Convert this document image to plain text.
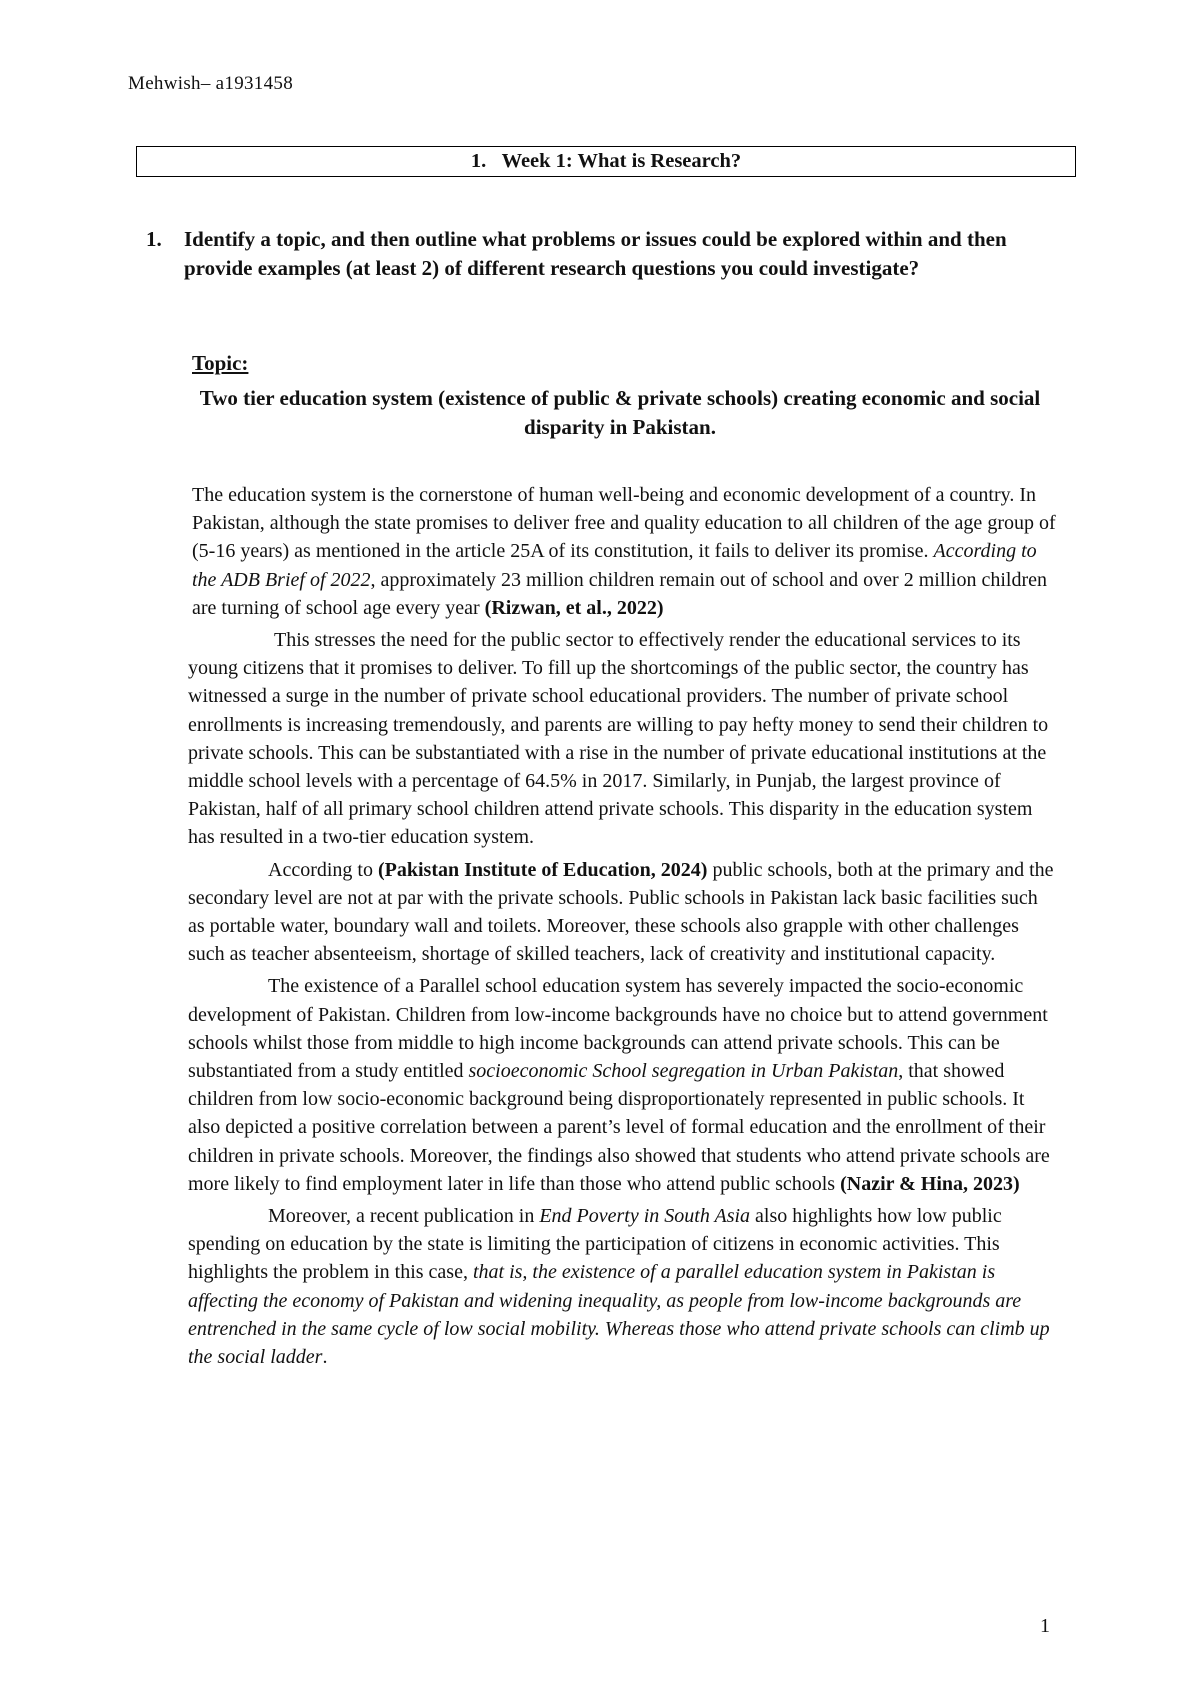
Mehwish– a1931458
1. Week 1: What is Research?
1. Identify a topic, and then outline what problems or issues could be explored within and then provide examples (at least 2) of different research questions you could investigate?
Topic:
Two tier education system (existence of public & private schools) creating economic and social disparity in Pakistan.

The education system is the cornerstone of human well-being and economic development of a country. In Pakistan, although the state promises to deliver free and quality education to all children of the age group of (5-16 years) as mentioned in the article 25A of its constitution, it fails to deliver its promise. According to the ADB Brief of 2022, approximately 23 million children remain out of school and over 2 million children are turning of school age every year (Rizwan, et al., 2022)

This stresses the need for the public sector to effectively render the educational services to its young citizens that it promises to deliver. To fill up the shortcomings of the public sector, the country has witnessed a surge in the number of private school educational providers. The number of private school enrollments is increasing tremendously, and parents are willing to pay hefty money to send their children to private schools. This can be substantiated with a rise in the number of private educational institutions at the middle school levels with a percentage of 64.5% in 2017. Similarly, in Punjab, the largest province of Pakistan, half of all primary school children attend private schools. This disparity in the education system has resulted in a two-tier education system.

According to (Pakistan Institute of Education, 2024) public schools, both at the primary and the secondary level are not at par with the private schools. Public schools in Pakistan lack basic facilities such as portable water, boundary wall and toilets. Moreover, these schools also grapple with other challenges such as teacher absenteeism, shortage of skilled teachers, lack of creativity and institutional capacity.

The existence of a Parallel school education system has severely impacted the socio-economic development of Pakistan. Children from low-income backgrounds have no choice but to attend government schools whilst those from middle to high income backgrounds can attend private schools. This can be substantiated from a study entitled socioeconomic School segregation in Urban Pakistan, that showed children from low socio-economic background being disproportionately represented in public schools. It also depicted a positive correlation between a parent’s level of formal education and the enrollment of their children in private schools. Moreover, the findings also showed that students who attend private schools are more likely to find employment later in life than those who attend public schools (Nazir & Hina, 2023)

Moreover, a recent publication in End Poverty in South Asia also highlights how low public spending on education by the state is limiting the participation of citizens in economic activities. This highlights the problem in this case, that is, the existence of a parallel education system in Pakistan is affecting the economy of Pakistan and widening inequality, as people from low-income backgrounds are entrenched in the same cycle of low social mobility. Whereas those who attend private schools can climb up the social ladder.

1
